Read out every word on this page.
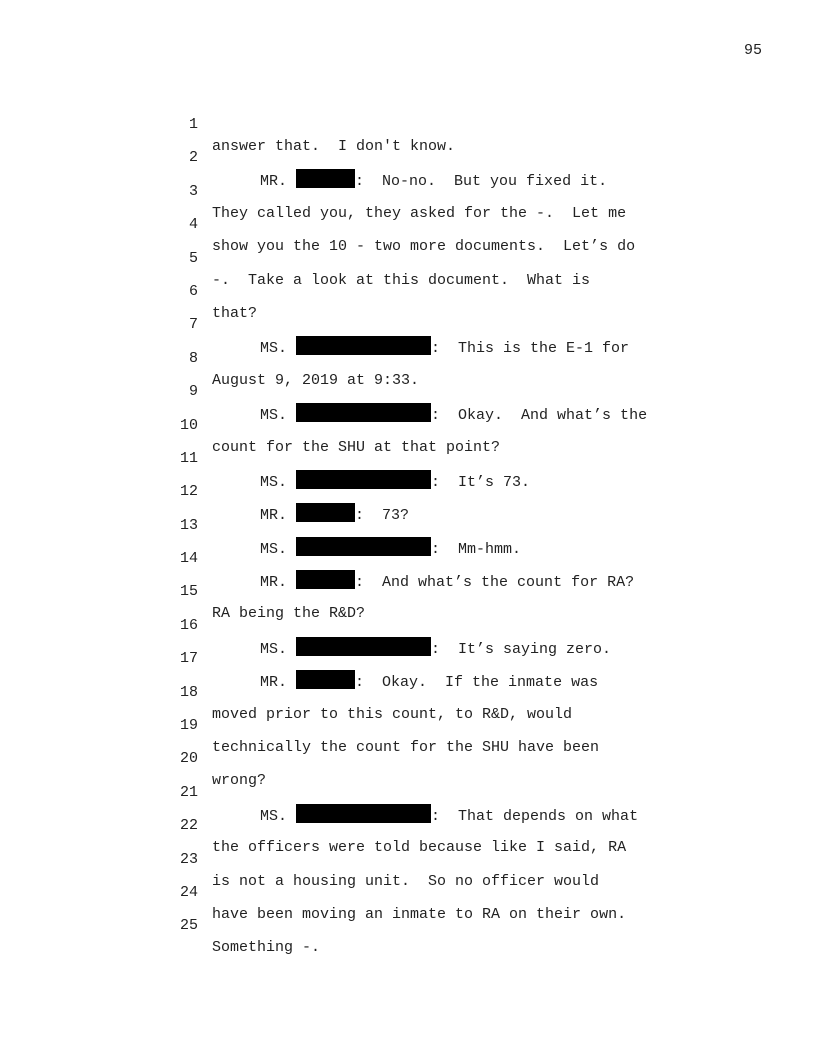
95

1

answer that.  I don't know.

2

MR.	:  No-no.  But you fixed it.

3

They called you, they asked for the -.  Let me

4

show you the 10 - two more documents.  Let’s do

5

-.  Take a look at this document.  What is

6

that?

7

MS.	:  This is the E-1 for

8

August 9, 2019 at 9:33.

9

MS.	:  Okay.  And what’s the

10

count for the SHU at that point?

11

MS.	:  It’s 73.

12

MR.	:  73?

13

MS.	:  Mm-hmm.

14

MR.	:  And what’s the count for RA?

15

RA being the R&D?

16

MS.	:  It’s saying zero.

17

MR.	:  Okay.  If the inmate was

18

moved prior to this count, to R&D, would

19

technically the count for the SHU have been

20

wrong?

21

MS.	:  That depends on what

22

the officers were told because like I said, RA

23

is not a housing unit.  So no officer would

24

have been moving an inmate to RA on their own.

25

Something -.
